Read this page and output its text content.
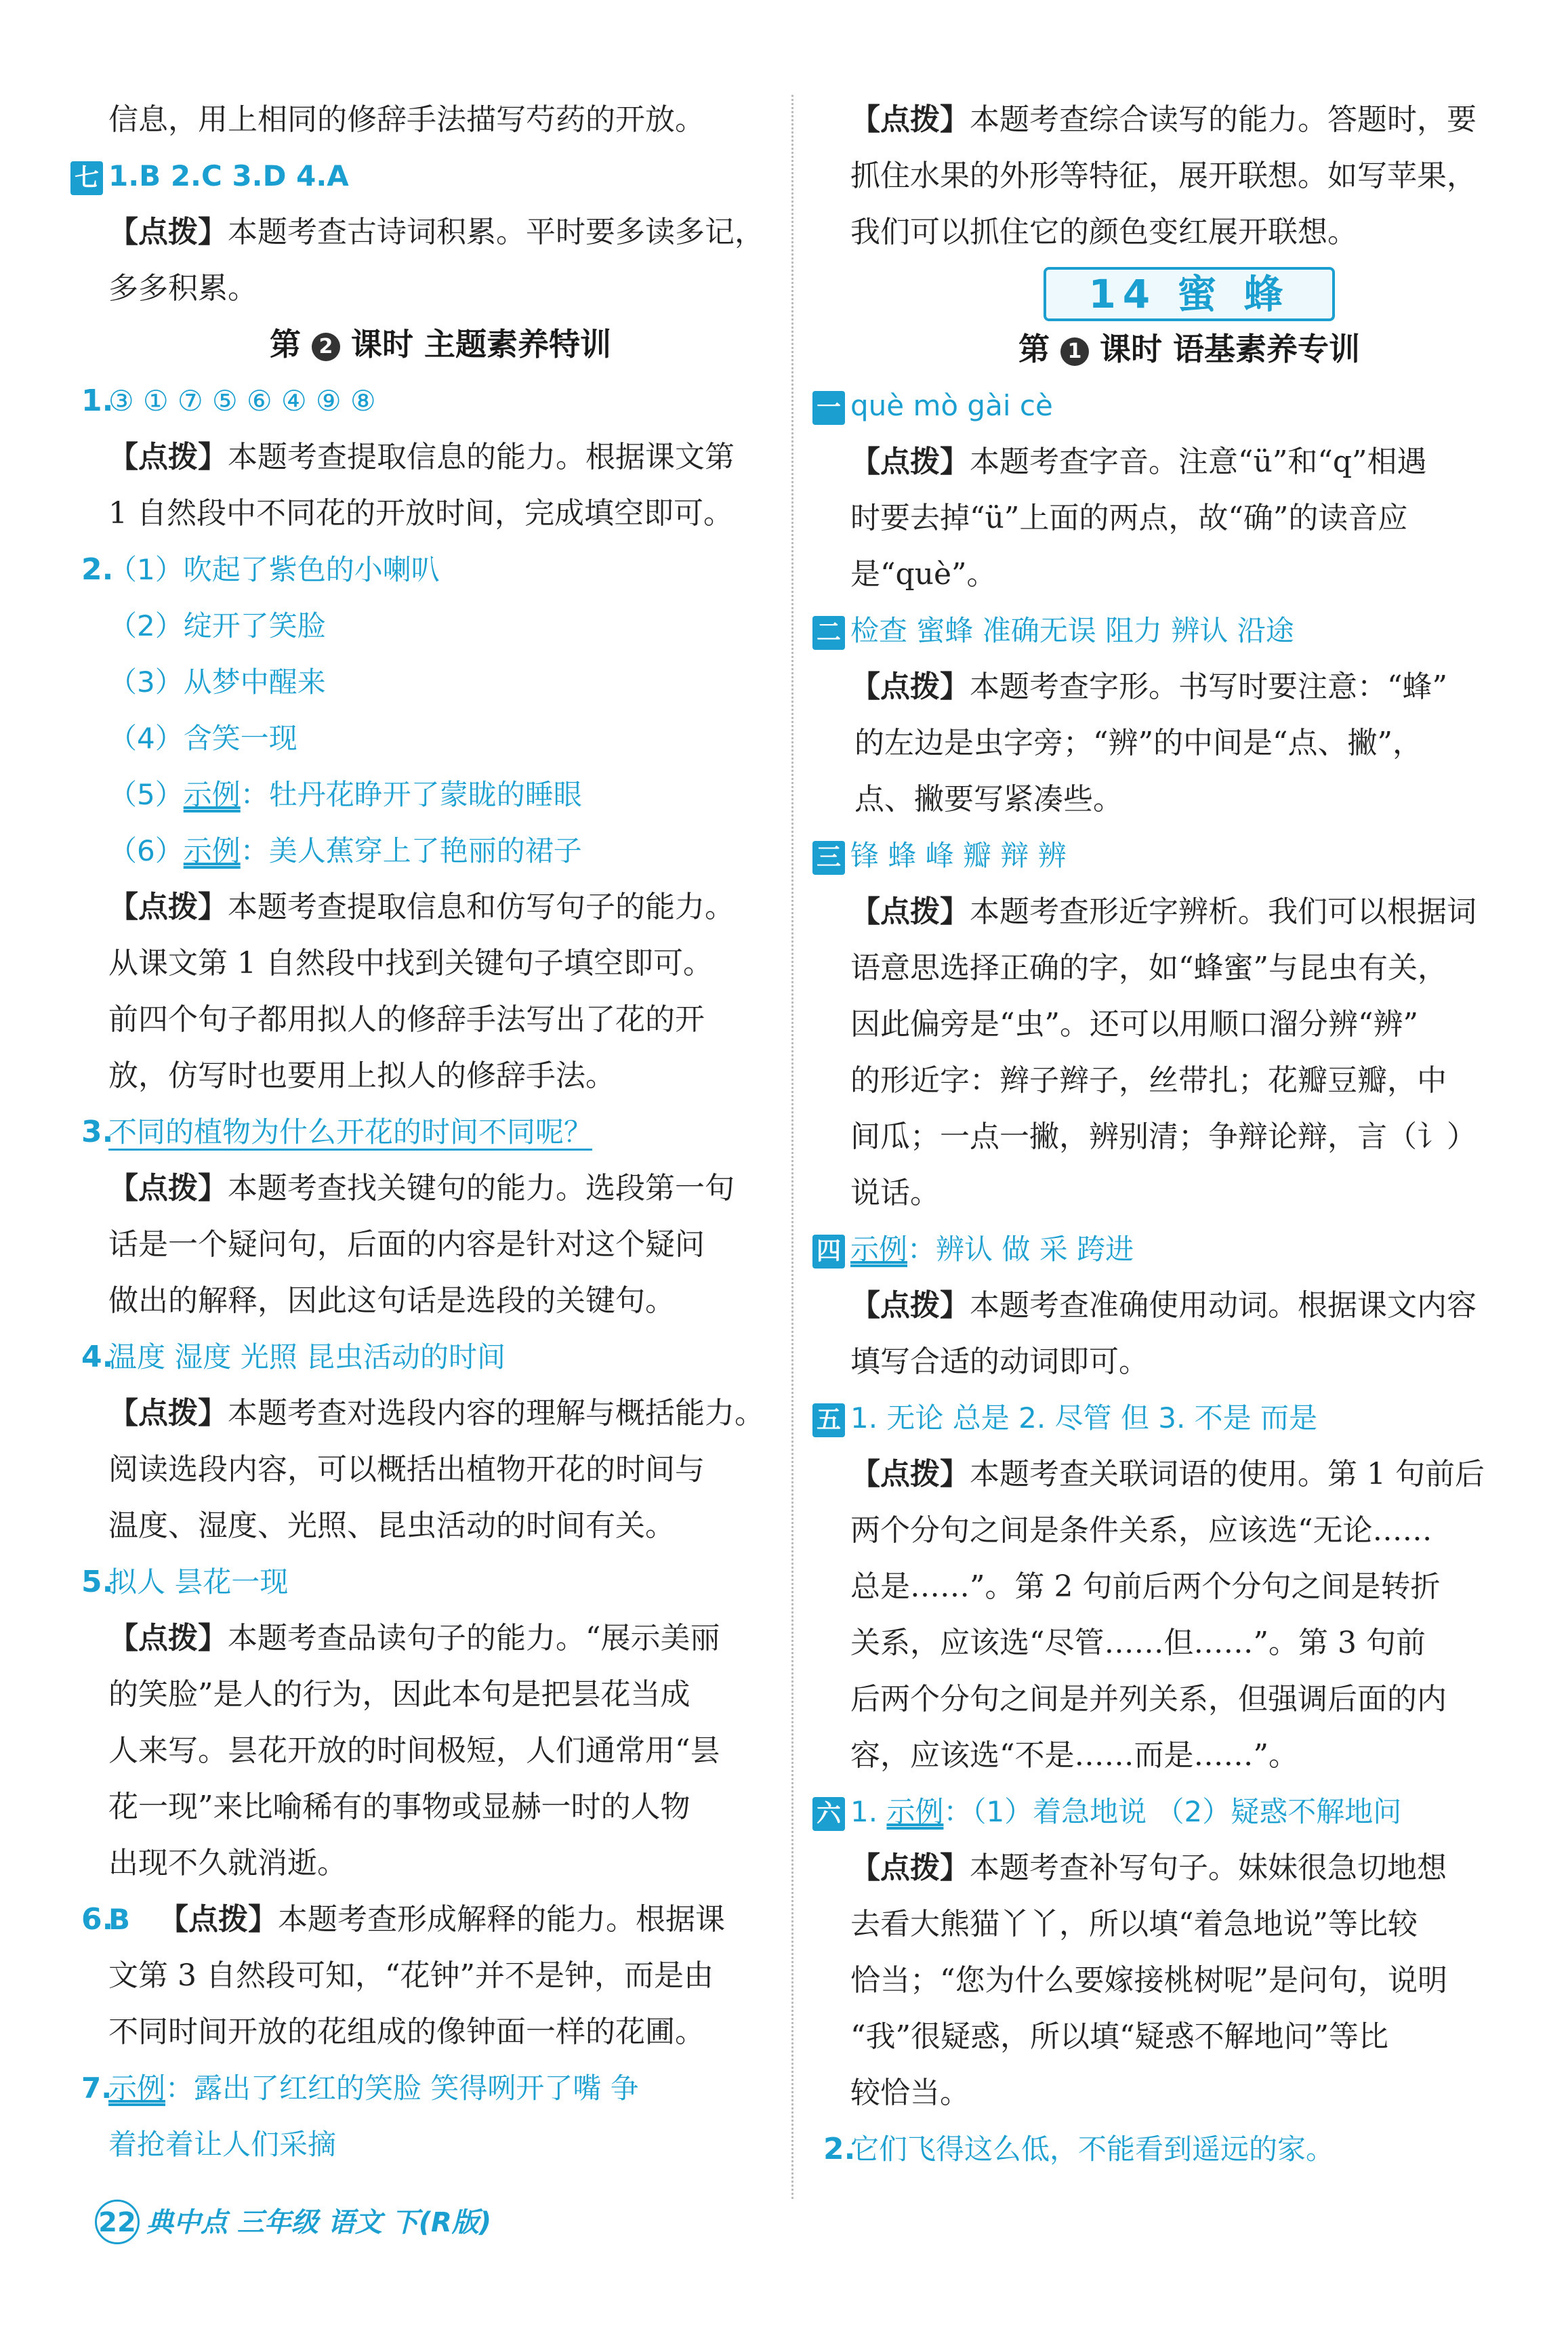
信息，用上相同的修辞手法描写芍药的开放。
七 1.B 2.C 3.D 4.A
【点拨】本题考查古诗词积累。平时要多读多记，
多多积累。
第 2 课时 主题素养特训
1.③ ① ⑦ ⑤ ⑥ ④ ⑨ ⑧
【点拨】本题考查提取信息的能力。根据课文第
1 自然段中不同花的开放时间，完成填空即可。
2.（1）吹起了紫色的小喇叭
（2）绽开了笑脸
（3）从梦中醒来
（4）含笑一现
（5）示例：牡丹花睁开了蒙眬的睡眼
（6）示例：美人蕉穿上了艳丽的裙子
【点拨】本题考查提取信息和仿写句子的能力。
从课文第 1 自然段中找到关键句子填空即可。
前四个句子都用拟人的修辞手法写出了花的开
放，仿写时也要用上拟人的修辞手法。
3.不同的植物为什么开花的时间不同呢？
【点拨】本题考查找关键句的能力。选段第一句
话是一个疑问句，后面的内容是针对这个疑问
做出的解释，因此这句话是选段的关键句。
4.温度 湿度 光照 昆虫活动的时间
【点拨】本题考查对选段内容的理解与概括能力。
阅读选段内容，可以概括出植物开花的时间与
温度、湿度、光照、昆虫活动的时间有关。
5.拟人 昙花一现
【点拨】本题考查品读句子的能力。“展示美丽
的笑脸”是人的行为，因此本句是把昙花当成
人来写。昙花开放的时间极短，人们通常用“昙
花一现”来比喻稀有的事物或显赫一时的人物
出现不久就消逝。
6.B 【点拨】本题考查形成解释的能力。根据课
文第 3 自然段可知，“花钟”并不是钟，而是由
不同时间开放的花组成的像钟面一样的花圃。
7.示例：露出了红红的笑脸 笑得咧开了嘴 争
着抢着让人们采摘
【点拨】本题考查综合读写的能力。答题时，要
抓住水果的外形等特征，展开联想。如写苹果，
我们可以抓住它的颜色变红展开联想。
14 蜜 蜂
第 1 课时 语基素养专训
一 què mò gài cè
【点拨】本题考查字音。注意“ü”和“q”相遇
时要去掉“ü”上面的两点，故“确”的读音应
是“què”。
二 检查 蜜蜂 准确无误 阻力 辨认 沿途
【点拨】本题考查字形。书写时要注意：“蜂”
的左边是虫字旁；“辨”的中间是“点、撇”，
点、撇要写紧凑些。
三 锋 蜂 峰 瓣 辩 辨
【点拨】本题考查形近字辨析。我们可以根据词
语意思选择正确的字，如“蜂蜜”与昆虫有关，
因此偏旁是“虫”。还可以用顺口溜分辨“辨”
的形近字：辫子辫子，丝带扎；花瓣豆瓣，中
间瓜；一点一撇，辨别清；争辩论辩，言（讠）
说话。
四 示例：辨认 做 采 跨进
【点拨】本题考查准确使用动词。根据课文内容
填写合适的动词即可。
五 1. 无论 总是 2. 尽管 但 3. 不是 而是
【点拨】本题考查关联词语的使用。第 1 句前后
两个分句之间是条件关系，应该选“无论……
总是……”。第 2 句前后两个分句之间是转折
关系，应该选“尽管……但……”。第 3 句前
后两个分句之间是并列关系，但强调后面的内
容，应该选“不是……而是……”。
六 1. 示例：（1）着急地说 （2）疑惑不解地问
【点拨】本题考查补写句子。妹妹很急切地想
去看大熊猫丫丫，所以填“着急地说”等比较
恰当；“您为什么要嫁接桃树呢”是问句，说明
“我”很疑惑，所以填“疑惑不解地问”等比
较恰当。
2.它们飞得这么低，不能看到遥远的家。
22 典中点 三年级 语文 下(R版)
